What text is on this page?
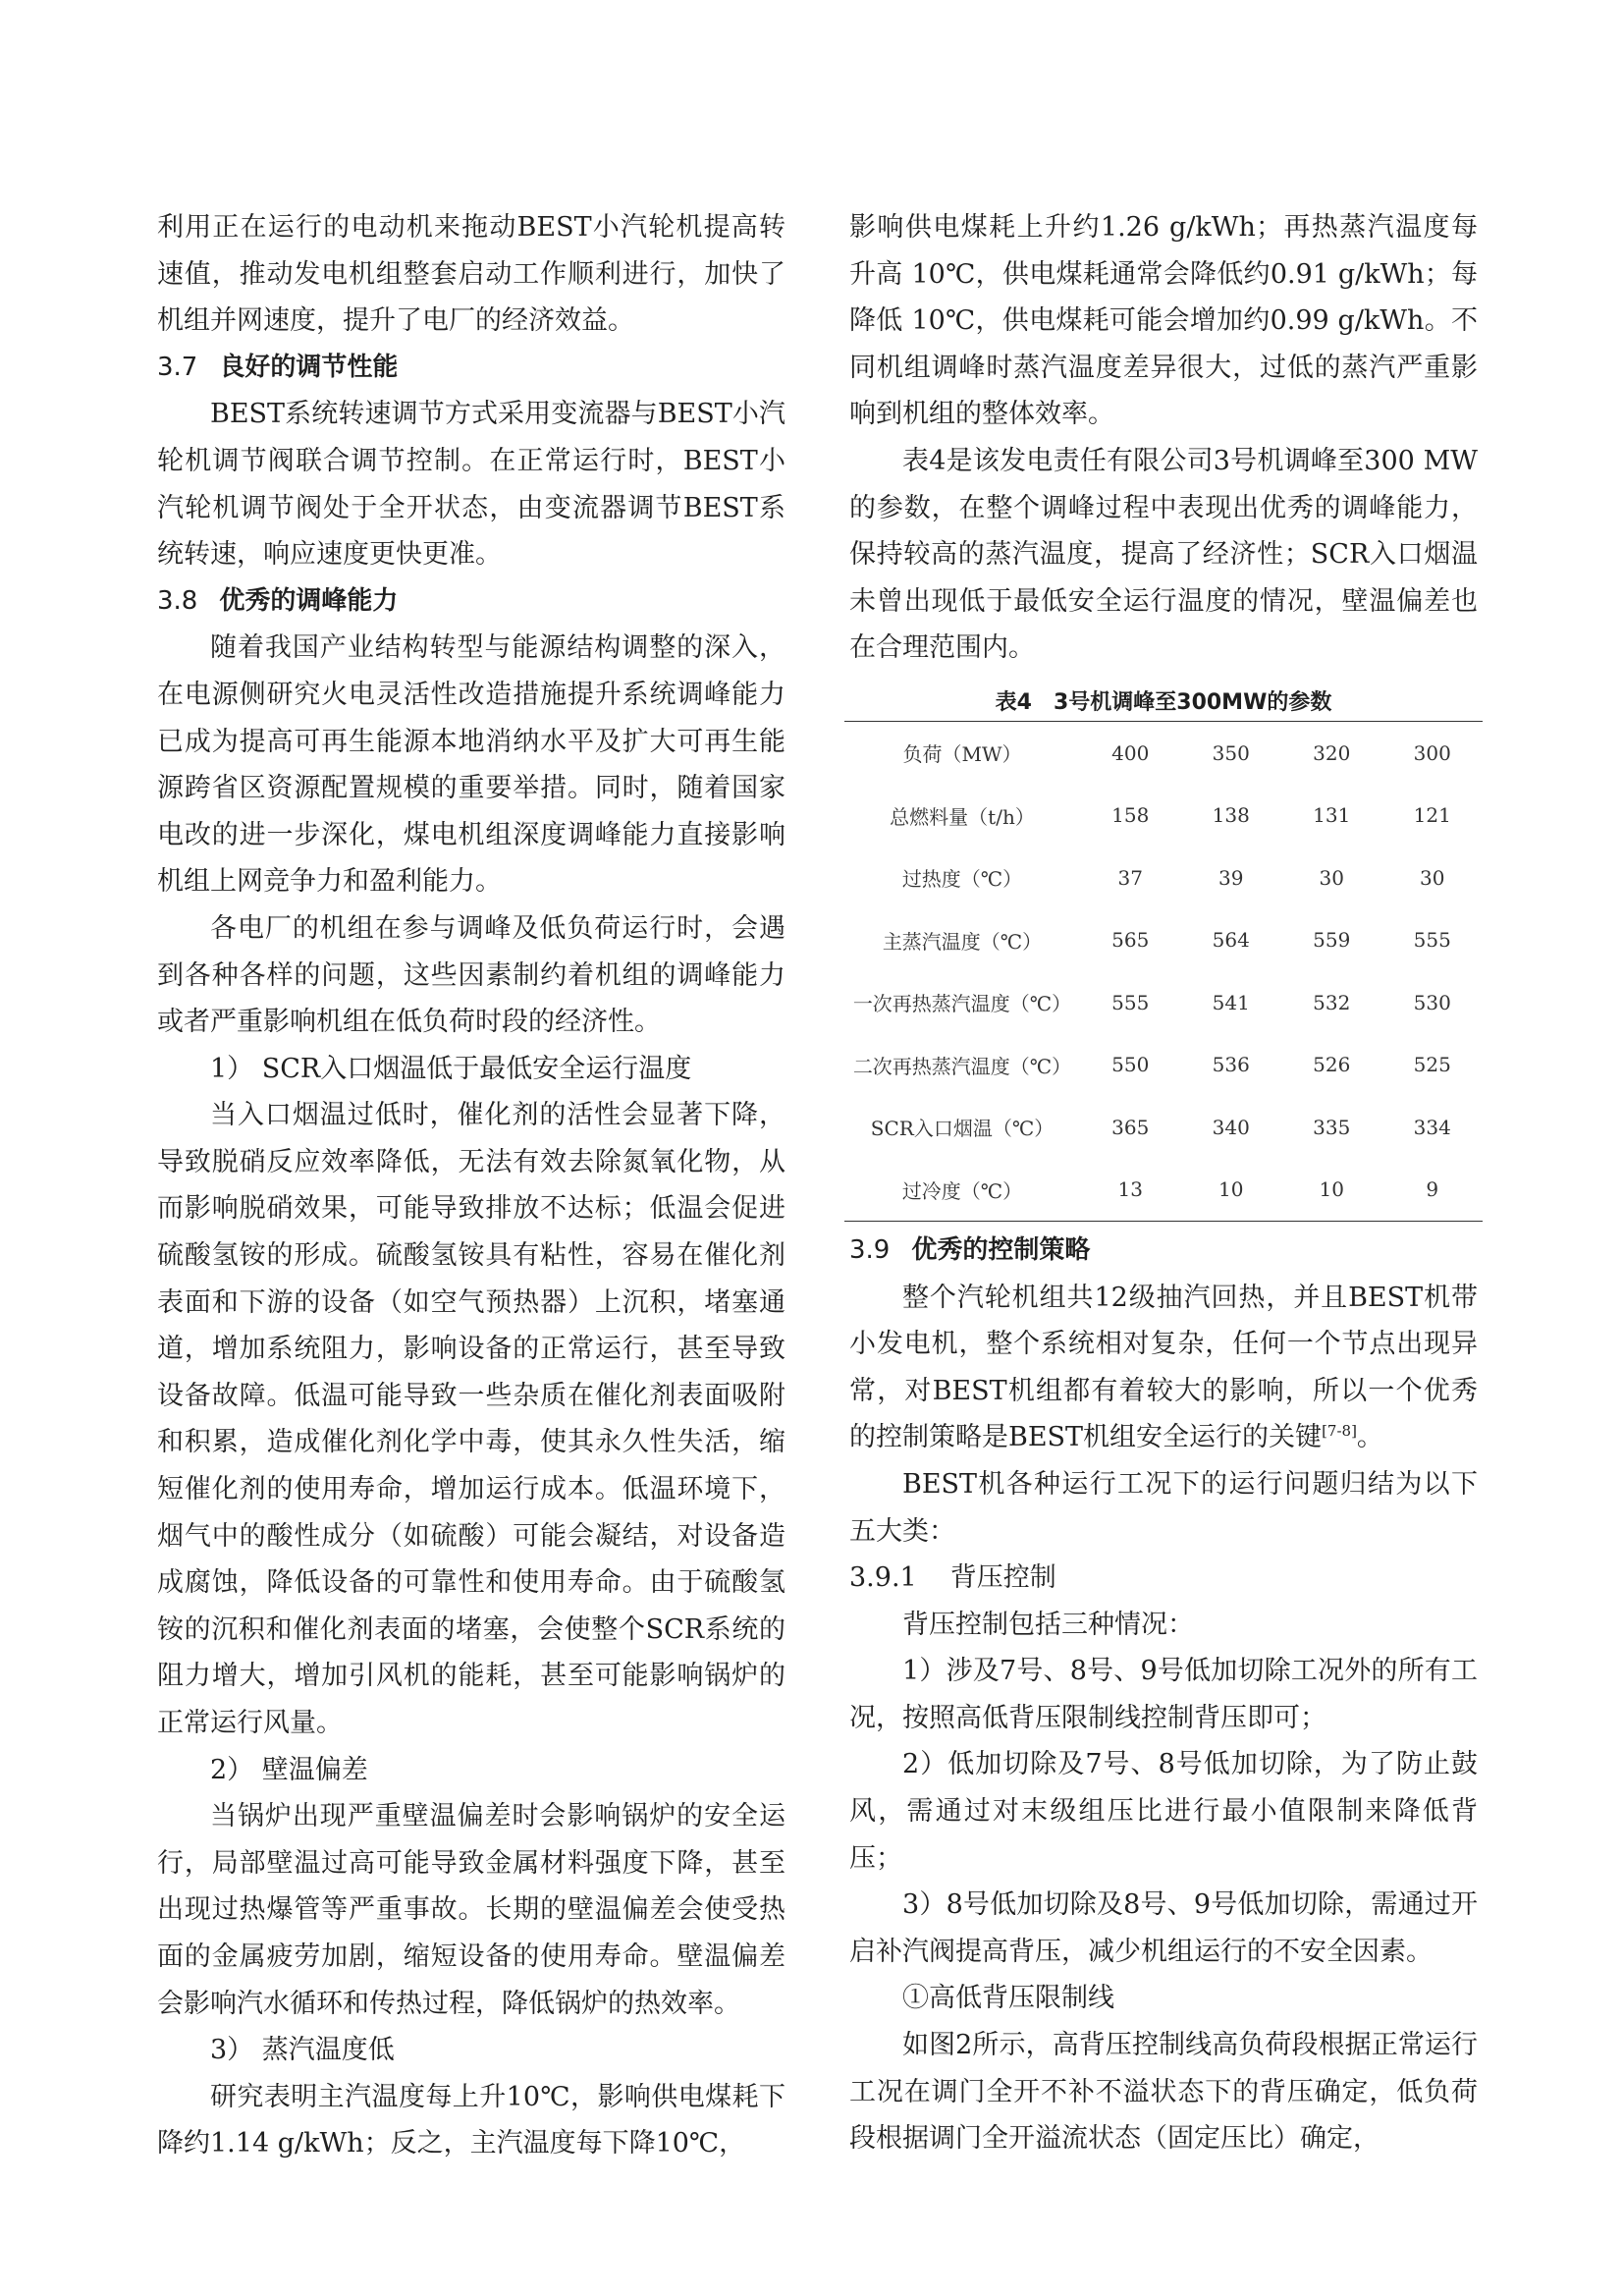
利用正在运行的电动机来拖动BEST小汽轮机提高转速值，推动发电机组整套启动工作顺利进行，加快了机组并网速度，提升了电厂的经济效益。

3.7 良好的调节性能

BEST系统转速调节方式采用变流器与BEST小汽轮机调节阀联合调节控制。在正常运行时，BEST小汽轮机调节阀处于全开状态，由变流器调节BEST系统转速，响应速度更快更准。

3.8 优秀的调峰能力

随着我国产业结构转型与能源结构调整的深入，在电源侧研究火电灵活性改造措施提升系统调峰能力已成为提高可再生能源本地消纳水平及扩大可再生能源跨省区资源配置规模的重要举措。同时，随着国家电改的进一步深化，煤电机组深度调峰能力直接影响机组上网竞争力和盈利能力。

各电厂的机组在参与调峰及低负荷运行时，会遇到各种各样的问题，这些因素制约着机组的调峰能力或者严重影响机组在低负荷时段的经济性。

1） SCR入口烟温低于最低安全运行温度

当入口烟温过低时，催化剂的活性会显著下降，导致脱硝反应效率降低，无法有效去除氮氧化物，从而影响脱硝效果，可能导致排放不达标；低温会促进硫酸氢铵的形成。硫酸氢铵具有粘性，容易在催化剂表面和下游的设备（如空气预热器）上沉积，堵塞通道，增加系统阻力，影响设备的正常运行，甚至导致设备故障。低温可能导致一些杂质在催化剂表面吸附和积累，造成催化剂化学中毒，使其永久性失活，缩短催化剂的使用寿命，增加运行成本。低温环境下，烟气中的酸性成分（如硫酸）可能会凝结，对设备造成腐蚀，降低设备的可靠性和使用寿命。由于硫酸氢铵的沉积和催化剂表面的堵塞，会使整个SCR系统的阻力增大，增加引风机的能耗，甚至可能影响锅炉的正常运行风量。

2） 壁温偏差

当锅炉出现严重壁温偏差时会影响锅炉的安全运行，局部壁温过高可能导致金属材料强度下降，甚至出现过热爆管等严重事故。长期的壁温偏差会使受热面的金属疲劳加剧，缩短设备的使用寿命。壁温偏差会影响汽水循环和传热过程，降低锅炉的热效率。

3） 蒸汽温度低

研究表明主汽温度每上升10℃，影响供电煤耗下降约1.14 g/kWh；反之，主汽温度每下降10℃，

影响供电煤耗上升约1.26 g/kWh；再热蒸汽温度每升高 10℃，供电煤耗通常会降低约0.91 g/kWh；每降低 10℃，供电煤耗可能会增加约0.99 g/kWh。不同机组调峰时蒸汽温度差异很大，过低的蒸汽严重影响到机组的整体效率。

表4是该发电责任有限公司3号机调峰至300 MW的参数，在整个调峰过程中表现出优秀的调峰能力，保持较高的蒸汽温度，提高了经济性；SCR入口烟温未曾出现低于最低安全运行温度的情况，壁温偏差也在合理范围内。

表4　3号机调峰至300MW的参数
负荷（MW）	400	350	320	300
总燃料量（t/h）	158	138	131	121
过热度（℃）	37	39	30	30
主蒸汽温度（℃）	565	564	559	555
一次再热蒸汽温度（℃）	555	541	532	530
二次再热蒸汽温度（℃）	550	536	526	525
SCR入口烟温（℃）	365	340	335	334
过冷度（℃）	13	10	10	9
3.9 优秀的控制策略

整个汽轮机组共12级抽汽回热，并且BEST机带小发电机，整个系统相对复杂，任何一个节点出现异常，对BEST机组都有着较大的影响，所以一个优秀的控制策略是BEST机组安全运行的关键[7-8]。

BEST机各种运行工况下的运行问题归结为以下五大类：

3.9.1 背压控制

背压控制包括三种情况：

1）涉及7号、8号、9号低加切除工况外的所有工况，按照高低背压限制线控制背压即可；

2）低加切除及7号、8号低加切除，为了防止鼓风，需通过对末级组压比进行最小值限制来降低背压；

3）8号低加切除及8号、9号低加切除，需通过开启补汽阀提高背压，减少机组运行的不安全因素。

①高低背压限制线

如图2所示，高背压控制线高负荷段根据正常运行工况在调门全开不补不溢状态下的背压确定，低负荷段根据调门全开溢流状态（固定压比）确定，
